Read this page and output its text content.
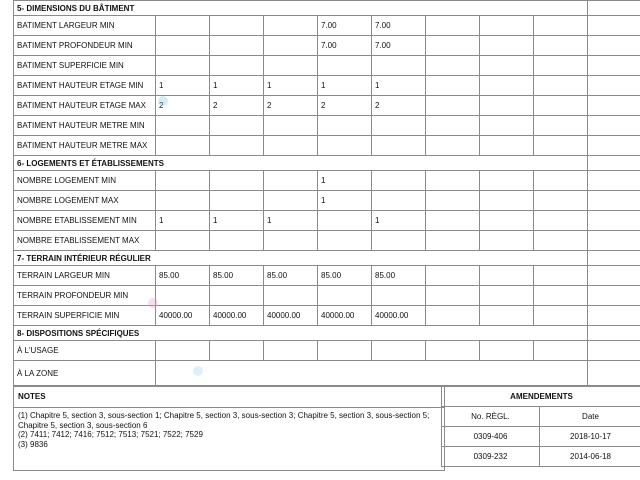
5- DIMENSIONS DU BÂTIMENT									
BATIMENT LARGEUR MIN				7.00	7.00				
BATIMENT PROFONDEUR MIN				7.00	7.00				
BATIMENT SUPERFICIE MIN									
BATIMENT HAUTEUR ETAGE MIN	1	1	1	1	1				
BATIMENT HAUTEUR ETAGE MAX	2	2	2	2	2				
BATIMENT HAUTEUR METRE MIN									
BATIMENT HAUTEUR METRE MAX									
6- LOGEMENTS ET ÉTABLISSEMENTS									
NOMBRE LOGEMENT MIN				1					
NOMBRE LOGEMENT MAX				1					
NOMBRE ETABLISSEMENT MIN	1	1	1		1				
NOMBRE ETABLISSEMENT MAX									
7- TERRAIN INTÉRIEUR RÉGULIER									
TERRAIN LARGEUR MIN	85.00	85.00	85.00	85.00	85.00				
TERRAIN PROFONDEUR MIN									
TERRAIN SUPERFICIE MIN	40000.00	40000.00	40000.00	40000.00	40000.00				
8- DISPOSITIONS SPÉCIFIQUES									
À L'USAGE									
À LA ZONE									
NOTES
(1) Chapitre 5, section 3, sous-section 1; Chapitre 5, section 3, sous-section 3; Chapitre 5, section 3, sous-section 5; Chapitre 5, section 3, sous-section 6
(2) 7411; 7412; 7416; 7512; 7513; 7521; 7522; 7529
(3) 9836
AMENDEMENTS	
No. RÈGL.	Date
0309-406	2018-10-17
0309-232	2014-06-18
